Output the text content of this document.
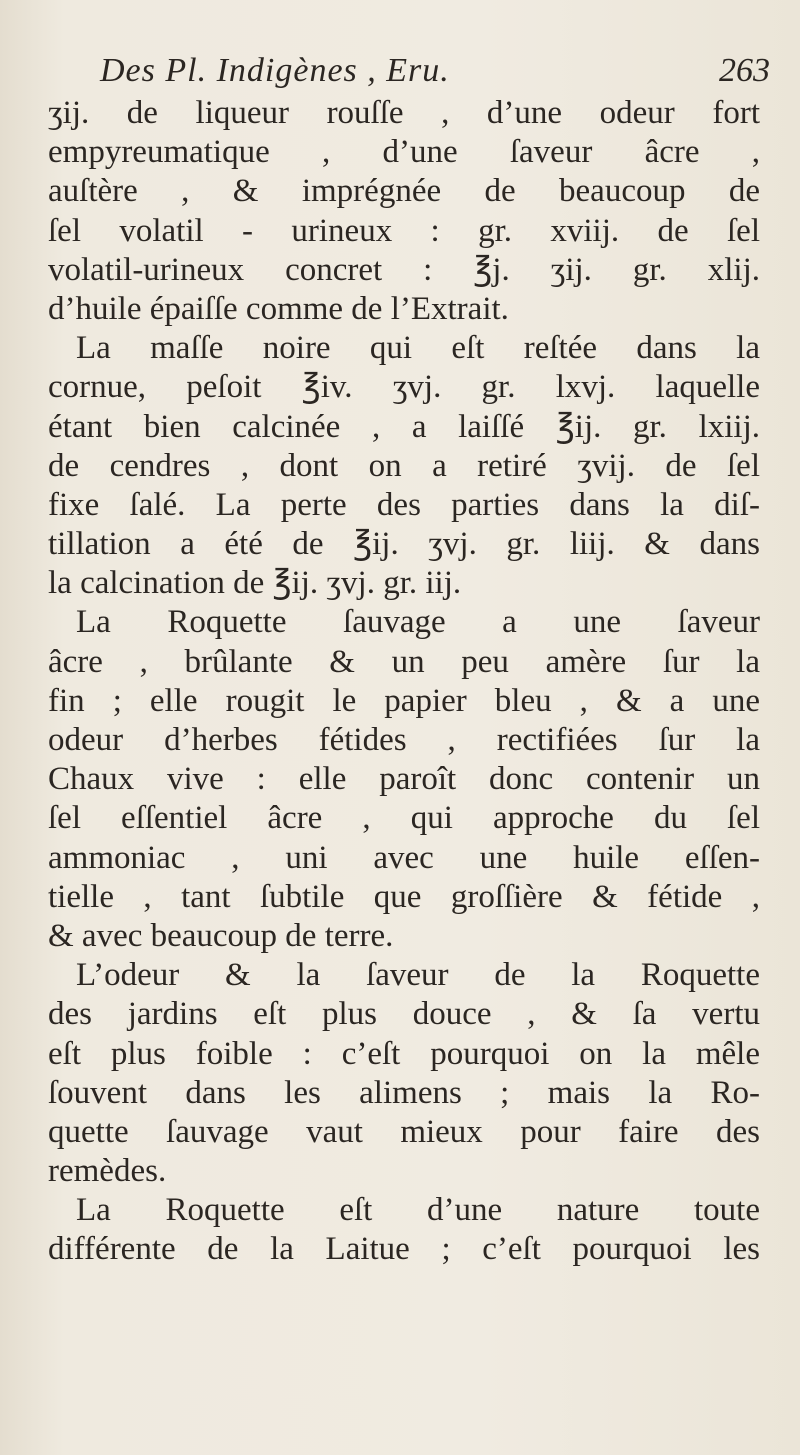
Des Pl. Indigènes , Eru.	263
ʒij. de liqueur rouſſe , d’une odeur fort
empyreumatique , d’une ſaveur âcre ,
auſtère , & imprégnée de beaucoup de
ſel volatil - urineux : gr. xviij. de ſel
volatil-urineux concret : ℥j. ʒij. gr. xlij.
d’huile épaiſſe comme de l’Extrait.
La maſſe noire qui eſt reſtée dans la
cornue, peſoit ℥iv. ʒvj. gr. lxvj. laquelle
étant bien calcinée , a laiſſé ℥ij. gr. lxiij.
de cendres , dont on a retiré ʒvij. de ſel
fixe ſalé. La perte des parties dans la diſ-
tillation a été de ℥ij. ʒvj. gr. liij. & dans
la calcination de ℥ij. ʒvj. gr. iij.
La Roquette ſauvage a une ſaveur
âcre , brûlante & un peu amère ſur la
fin ; elle rougit le papier bleu , & a une
odeur d’herbes fétides , rectifiées ſur la
Chaux vive : elle paroît donc contenir un
ſel eſſentiel âcre , qui approche du ſel
ammoniac , uni avec une huile eſſen-
tielle , tant ſubtile que groſſière & fétide ,
& avec beaucoup de terre.
L’odeur & la ſaveur de la Roquette
des jardins eſt plus douce , & ſa vertu
eſt plus foible : c’eſt pourquoi on la mêle
ſouvent dans les alimens ; mais la Ro-
quette ſauvage vaut mieux pour faire des
remèdes.
La Roquette eſt d’une nature toute
différente de la Laitue ; c’eſt pourquoi les
